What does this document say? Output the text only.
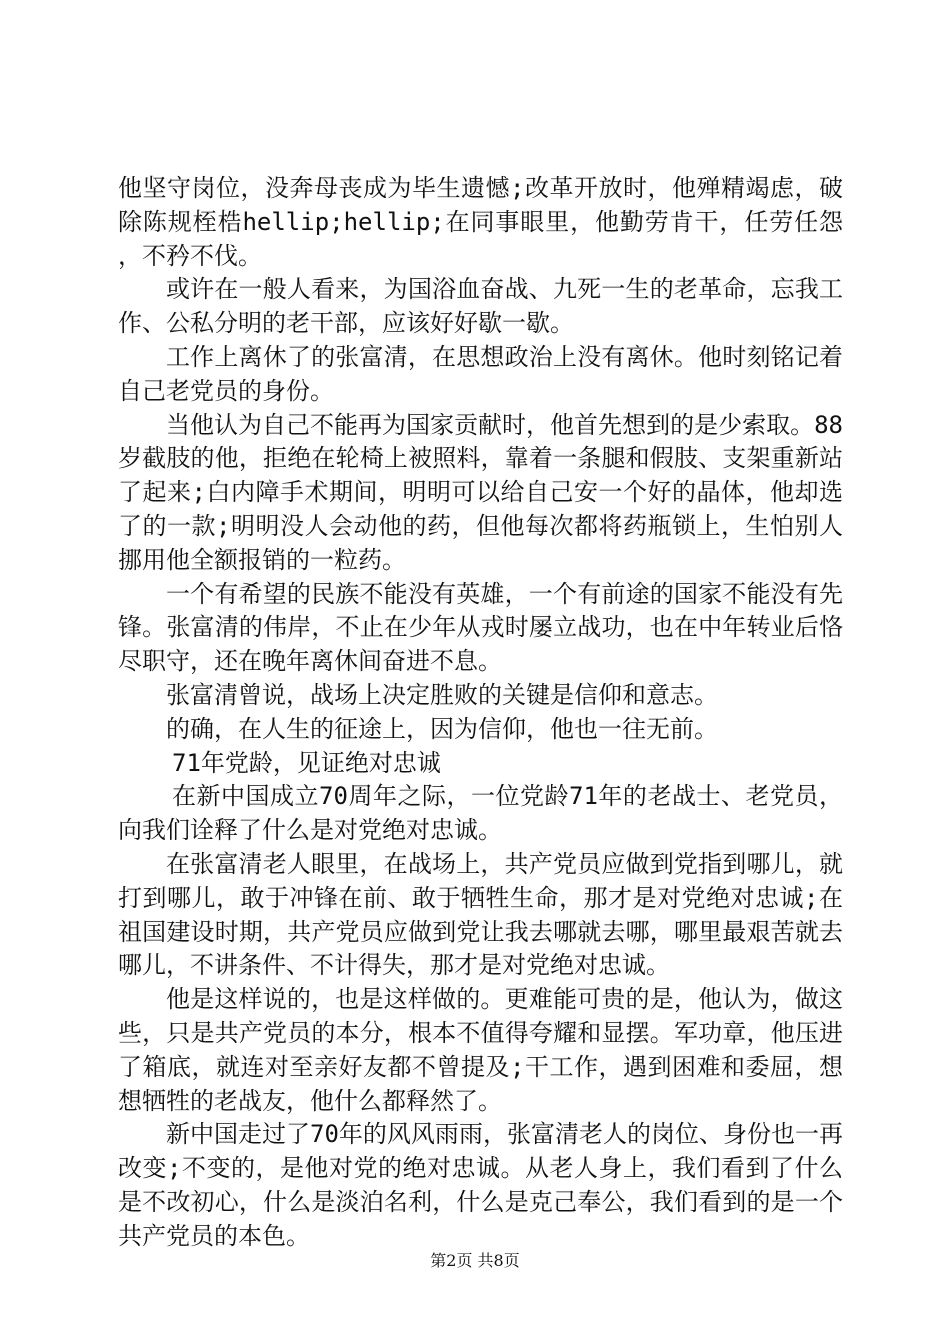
他坚守岗位，没奔母丧成为毕生遗憾;改革开放时，他殚精竭虑，破除陈规桎梏hellip;hellip;在同事眼里，他勤劳肯干，任劳任怨，不矜不伐。

或许在一般人看来，为国浴血奋战、九死一生的老革命，忘我工作、公私分明的老干部，应该好好歇一歇。

工作上离休了的张富清，在思想政治上没有离休。他时刻铭记着自己老党员的身份。

当他认为自己不能再为国家贡献时，他首先想到的是少索取。88岁截肢的他，拒绝在轮椅上被照料，靠着一条腿和假肢、支架重新站了起来;白内障手术期间，明明可以给自己安一个好的晶体，他却选了的一款;明明没人会动他的药，但他每次都将药瓶锁上，生怕别人挪用他全额报销的一粒药。

一个有希望的民族不能没有英雄，一个有前途的国家不能没有先锋。张富清的伟岸，不止在少年从戎时屡立战功，也在中年转业后恪尽职守，还在晚年离休间奋进不息。

张富清曾说，战场上决定胜败的关键是信仰和意志。

的确，在人生的征途上，因为信仰，他也一往无前。

71年党龄，见证绝对忠诚

在新中国成立70周年之际，一位党龄71年的老战士、老党员，向我们诠释了什么是对党绝对忠诚。

在张富清老人眼里，在战场上，共产党员应做到党指到哪儿，就打到哪儿，敢于冲锋在前、敢于牺牲生命，那才是对党绝对忠诚;在祖国建设时期，共产党员应做到党让我去哪就去哪，哪里最艰苦就去哪儿，不讲条件、不计得失，那才是对党绝对忠诚。

他是这样说的，也是这样做的。更难能可贵的是，他认为，做这些，只是共产党员的本分，根本不值得夸耀和显摆。军功章，他压进了箱底，就连对至亲好友都不曾提及;干工作，遇到困难和委屈，想想牺牲的老战友，他什么都释然了。

新中国走过了70年的风风雨雨，张富清老人的岗位、身份也一再改变;不变的，是他对党的绝对忠诚。从老人身上，我们看到了什么是不改初心，什么是淡泊名利，什么是克己奉公，我们看到的是一个共产党员的本色。

第2页 共8页
